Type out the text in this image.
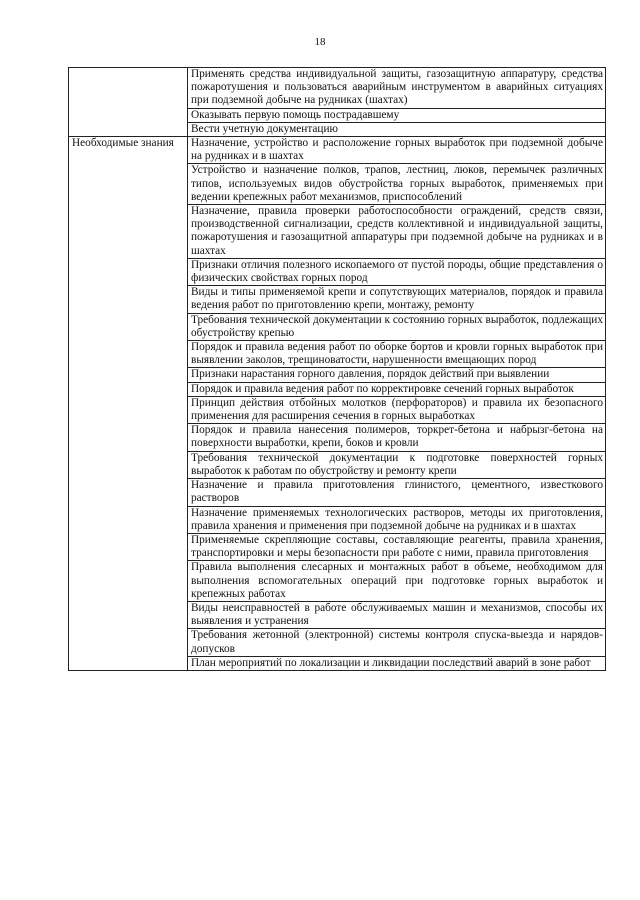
18
	Применять средства индивидуальной защиты, газозащитную аппаратуру, средства пожаротушения и пользоваться аварийным инструментом в аварийных ситуациях при подземной добыче на рудниках (шахтах)
	Оказывать первую помощь пострадавшему
	Вести учетную документацию
Необходимые знания	Назначение, устройство и расположение горных выработок при подземной добыче на рудниках и в шахтах
	Устройство и назначение полков, трапов, лестниц, люков, перемычек различных типов, используемых видов обустройства горных выработок, применяемых при ведении крепежных работ механизмов, приспособлений
	Назначение, правила проверки работоспособности ограждений, средств связи, производственной сигнализации, средств коллективной и индивидуальной защиты, пожаротушения и газозащитной аппаратуры при подземной добыче на рудниках и в шахтах
	Признаки отличия полезного ископаемого от пустой породы, общие представления о физических свойствах горных пород
	Виды и типы применяемой крепи и сопутствующих материалов, порядок и правила ведения работ по приготовлению крепи, монтажу, ремонту
	Требования технической документации к состоянию горных выработок, подлежащих обустройству крепью
	Порядок и правила ведения работ по оборке бортов и кровли горных выработок при выявлении заколов, трещиноватости, нарушенности вмещающих пород
	Признаки нарастания горного давления, порядок действий при выявлении
	Порядок и правила ведения работ по корректировке сечений горных выработок
	Принцип действия отбойных молотков (перфораторов) и правила их безопасного применения для расширения сечения в горных выработках
	Порядок и правила нанесения полимеров, торкрет-бетона и набрызг-бетона на поверхности выработки, крепи, боков и кровли
	Требования технической документации к подготовке поверхностей горных выработок к работам по обустройству и ремонту крепи
	Назначение и правила приготовления глинистого, цементного, известкового растворов
	Назначение применяемых технологических растворов, методы их приготовления, правила хранения и применения при подземной добыче на рудниках и в шахтах
	Применяемые скрепляющие составы, составляющие реагенты, правила хранения, транспортировки и меры безопасности при работе с ними, правила приготовления
	Правила выполнения слесарных и монтажных работ в объеме, необходимом для выполнения вспомогательных операций при подготовке горных выработок и крепежных работах
	Виды неисправностей в работе обслуживаемых машин и механизмов, способы их выявления и устранения
	Требования жетонной (электронной) системы контроля спуска-выезда и нарядов-допусков
	План мероприятий по локализации и ликвидации последствий аварий в зоне работ
